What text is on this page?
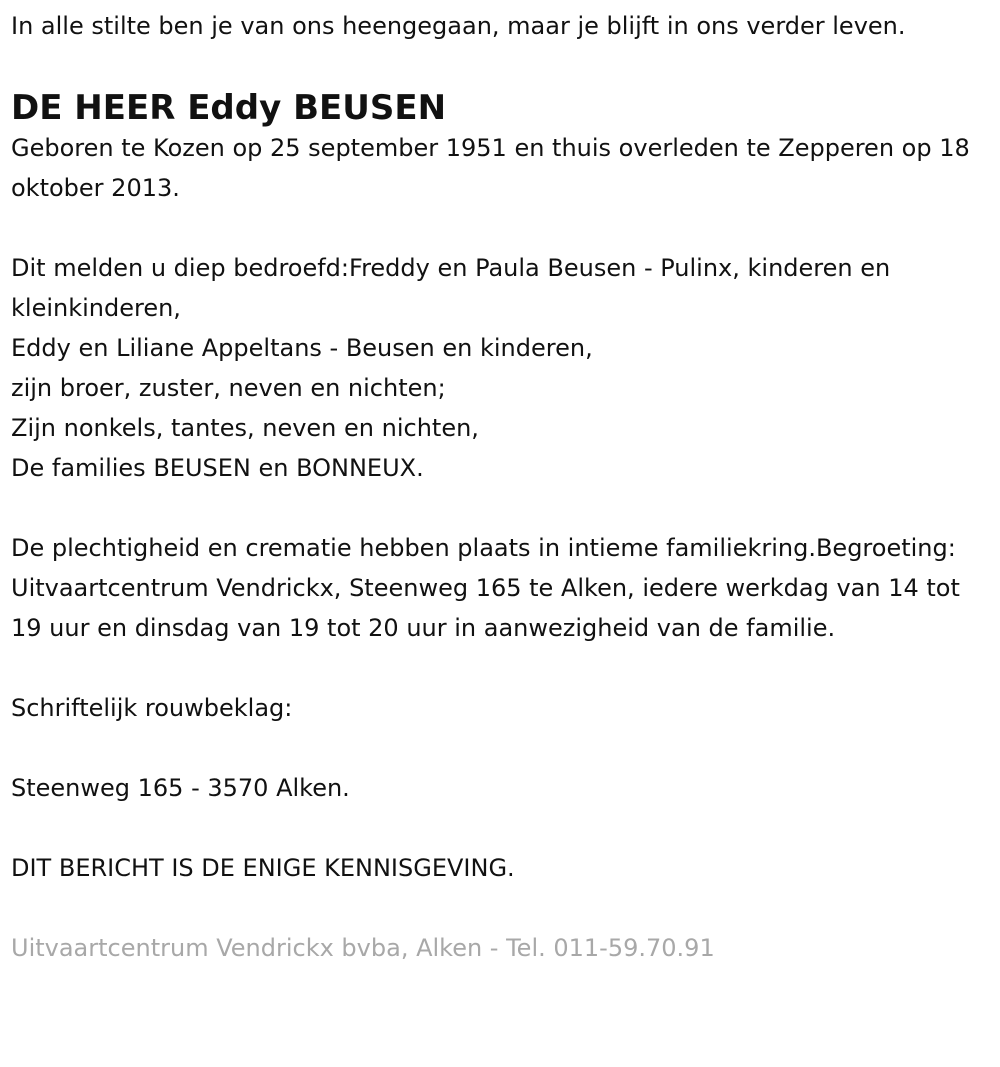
In alle stilte ben je van ons heengegaan, maar je blijft in ons verder leven.

DE HEER Eddy BEUSEN

Geboren te Kozen op 25 september 1951 en thuis overleden te Zepperen op 18 oktober 2013.

Dit melden u diep bedroefd:Freddy en Paula Beusen - Pulinx, kinderen en kleinkinderen,

Eddy en Liliane Appeltans - Beusen en kinderen,

zijn broer, zuster, neven en nichten;

Zijn nonkels, tantes, neven en nichten,

De families BEUSEN en BONNEUX.

De plechtigheid en crematie hebben plaats in intieme familiekring.Begroeting: Uitvaartcentrum Vendrickx, Steenweg 165 te Alken, iedere werkdag van 14 tot 19 uur en dinsdag van 19 tot 20 uur in aanwezigheid van de familie.

Schriftelijk rouwbeklag:

Steenweg 165 - 3570 Alken.

DIT BERICHT IS DE ENIGE KENNISGEVING.

Uitvaartcentrum Vendrickx bvba, Alken - Tel. 011-59.70.91
